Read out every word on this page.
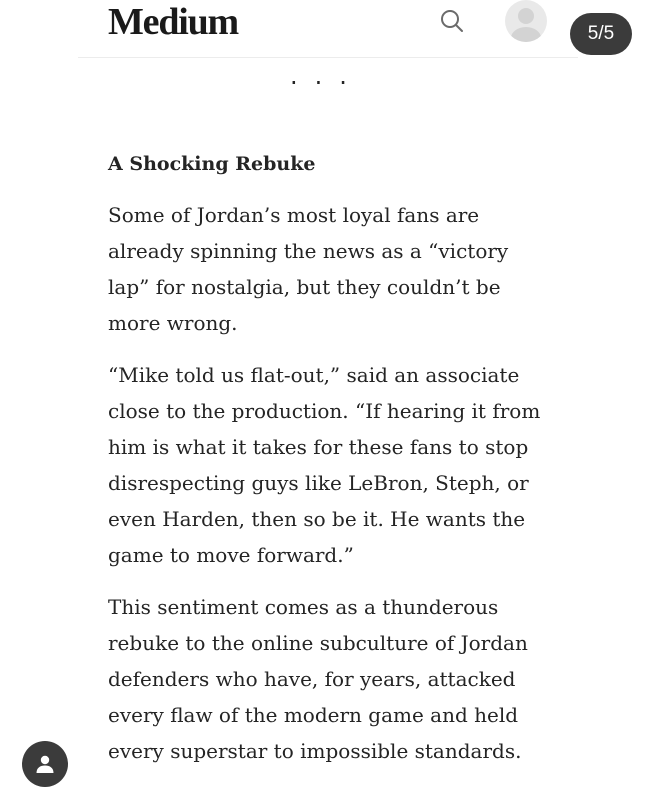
Medium	5/5
...
A Shocking Rebuke
Some of Jordan’s most loyal fans are
already spinning the news as a “victory
lap” for nostalgia, but they couldn’t be
more wrong.
“Mike told us flat-out,” said an associate
close to the production. “If hearing it from
him is what it takes for these fans to stop
disrespecting guys like LeBron, Steph, or
even Harden, then so be it. He wants the
game to move forward.”
This sentiment comes as a thunderous
rebuke to the online subculture of Jordan
defenders who have, for years, attacked
every flaw of the modern game and held
every superstar to impossible standards.
